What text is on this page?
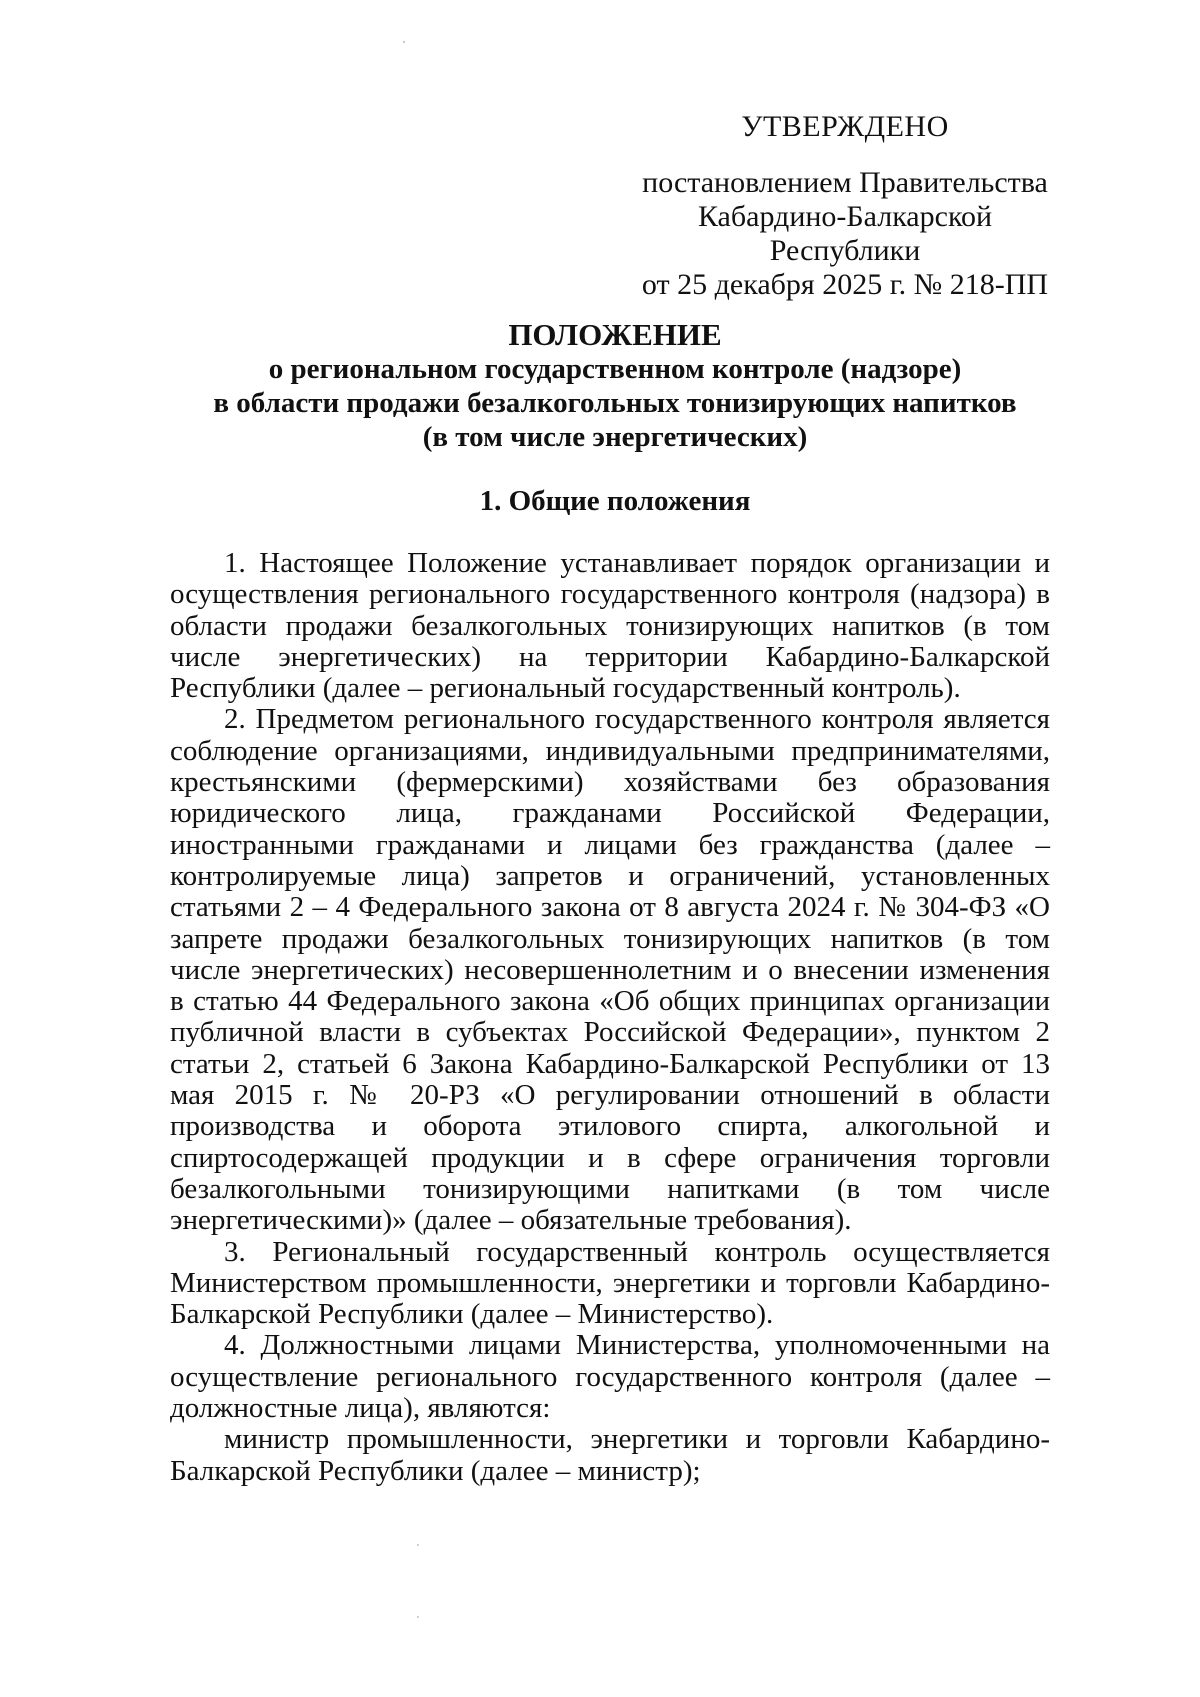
УТВЕРЖДЕНО
постановлением Правительства
Кабардино-Балкарской Республики
от 25 декабря 2025 г. № 218-ПП
ПОЛОЖЕНИЕ
о региональном государственном контроле (надзоре)
в области продажи безалкогольных тонизирующих напитков
(в том числе энергетических)
1. Общие положения

1. Настоящее Положение устанавливает порядок организации и осуществления регионального государственного контроля (надзора) в области продажи безалкогольных тонизирующих напитков (в том числе энергетических) на территории Кабардино-Балкарской Республики (далее – региональный государственный контроль).

2. Предметом регионального государственного контроля является соблюдение организациями, индивидуальными предпринимателями, крестьянскими (фермерскими) хозяйствами без образования юридического лица, гражданами Российской Федерации, иностранными гражданами и лицами без гражданства (далее – контролируемые лица) запретов и ограничений, установленных статьями 2 – 4 Федерального закона от 8 августа 2024 г. № 304-ФЗ «О запрете продажи безалкогольных тонизирующих напитков (в том числе энергетических) несовершеннолетним и о внесении изменения в статью 44 Федерального закона «Об общих принципах организации публичной власти в субъектах Российской Федерации», пунктом 2 статьи 2, статьей 6 Закона Кабардино-Балкарской Республики от 13 мая 2015 г. № 20-РЗ «О регулировании отношений в области производства и оборота этилового спирта, алкогольной и спиртосодержащей продукции и в сфере ограничения торговли безалкогольными тонизирующими напитками (в том числе энергетическими)» (далее – обязательные требования).

3. Региональный государственный контроль осуществляется Министерством промышленности, энергетики и торговли Кабардино-Балкарской Республики (далее – Министерство).

4. Должностными лицами Министерства, уполномоченными на осуществление регионального государственного контроля (далее – должностные лица), являются:

министр промышленности, энергетики и торговли Кабардино-Балкарской Республики (далее – министр);
